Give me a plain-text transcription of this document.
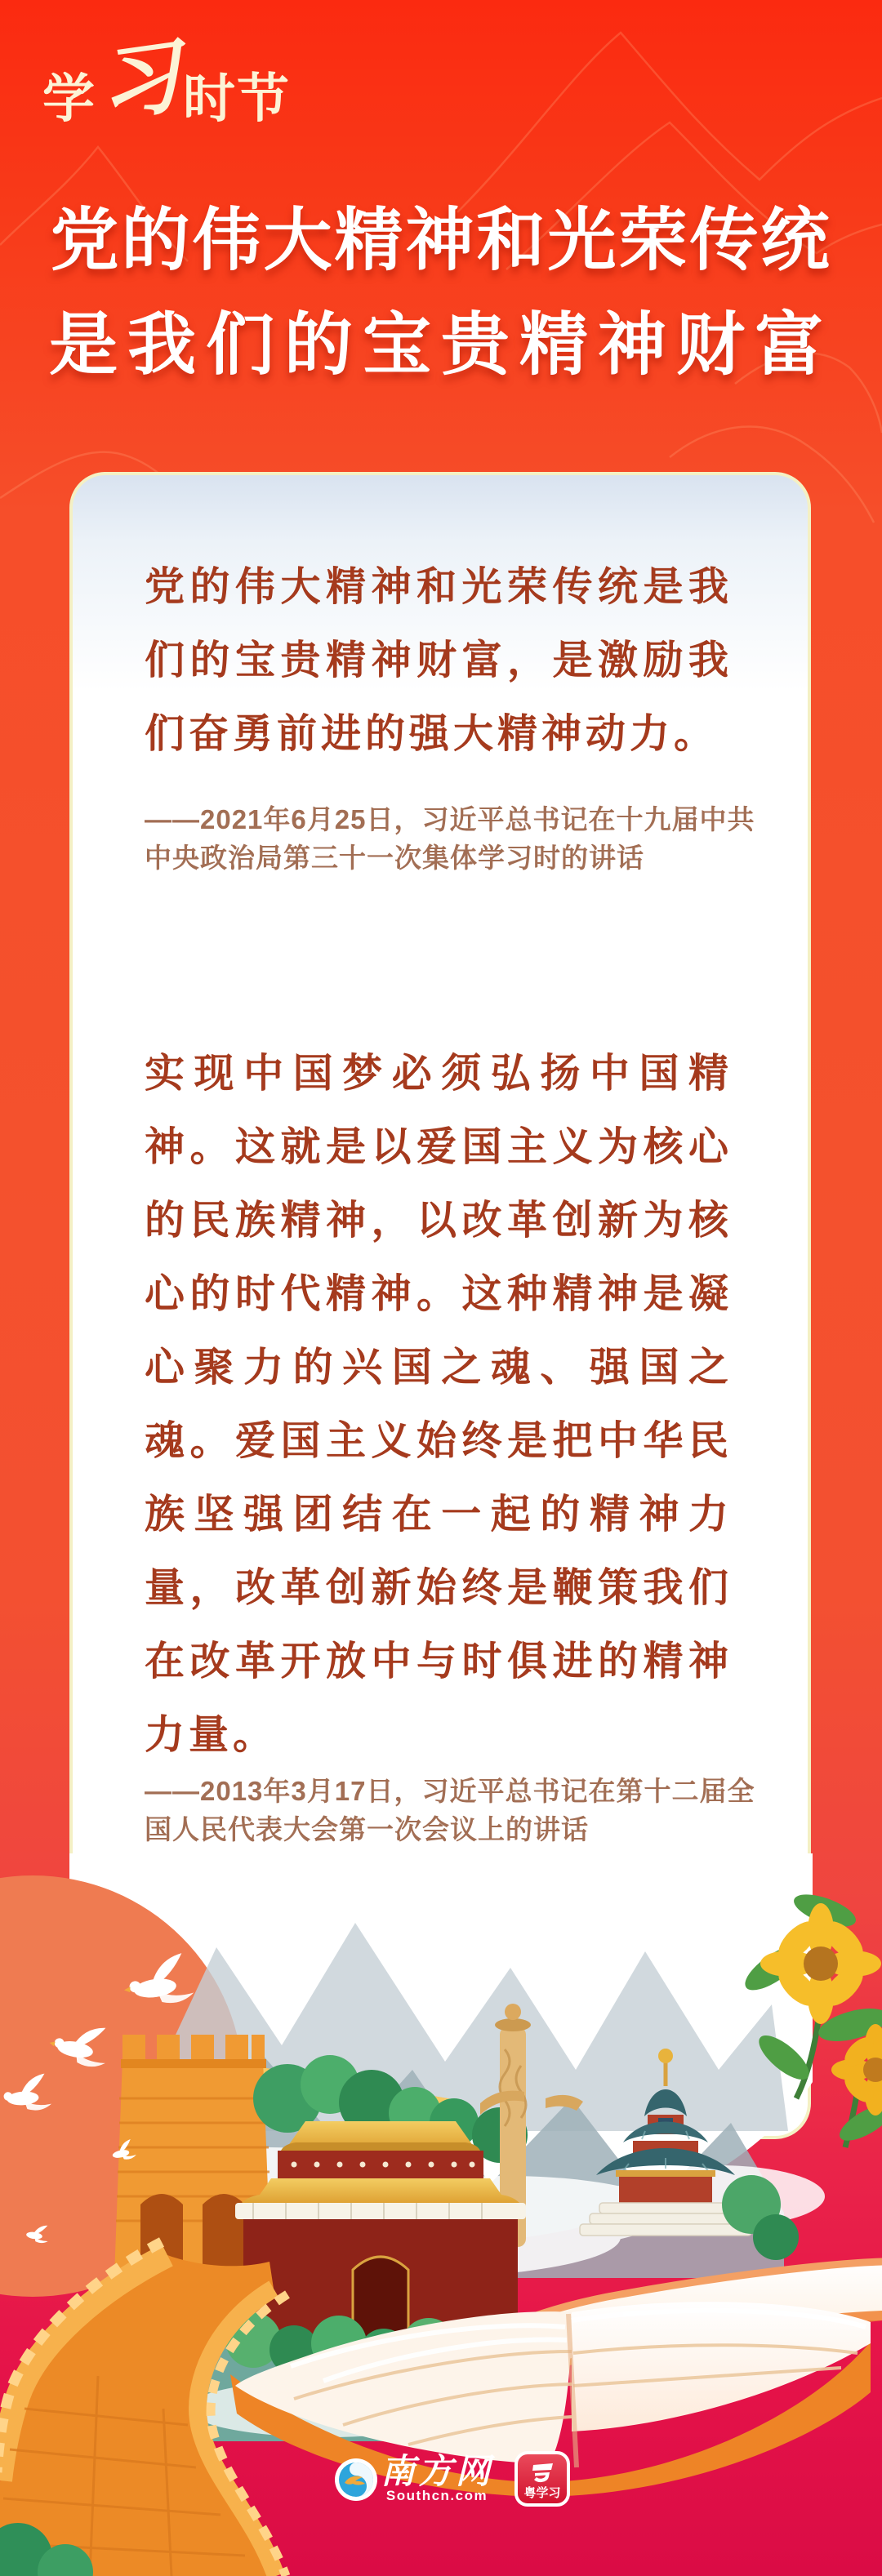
学习时节
党的伟大精神和光荣传统
是我们的宝贵精神财富

党的伟大精神和光荣传统是我们的宝贵精神财富，是激励我们奋勇前进的强大精神动力。

——2021年6月25日，习近平总书记在十九届中共中央政治局第三十一次集体学习时的讲话

实现中国梦必须弘扬中国精神。这就是以爱国主义为核心的民族精神，以改革创新为核心的时代精神。这种精神是凝心聚力的兴国之魂、强国之魂。爱国主义始终是把中华民族坚强团结在一起的精神力量，改革创新始终是鞭策我们在改革开放中与时俱进的精神力量。

——2013年3月17日，习近平总书记在第十二届全国人民代表大会第一次会议上的讲话

南方网
Southcn.com	粤学习
